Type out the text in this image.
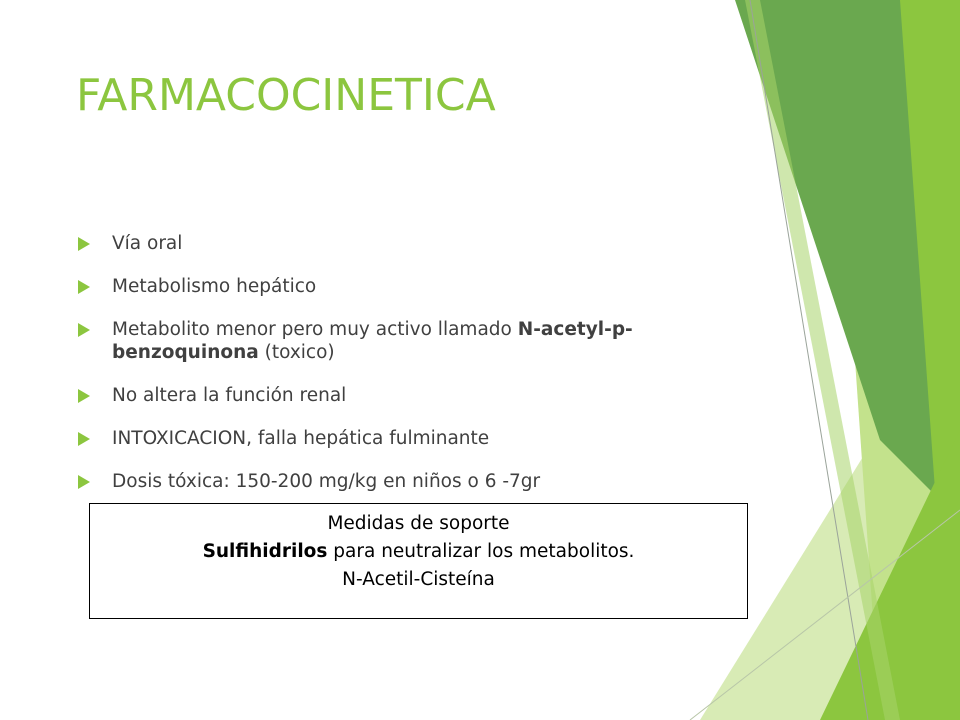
FARMACOCINETICA
Vía oral
Metabolismo hepático
Metabolito menor pero muy activo llamado N-acetyl-p-benzoquinona (toxico)
No altera la función renal
INTOXICACION, falla hepática fulminante
Dosis tóxica: 150-200 mg/kg en niños o 6 -7gr
Medidas de soporte
Sulfihidrilos para neutralizar los metabolitos.
N-Acetil-Cisteína
